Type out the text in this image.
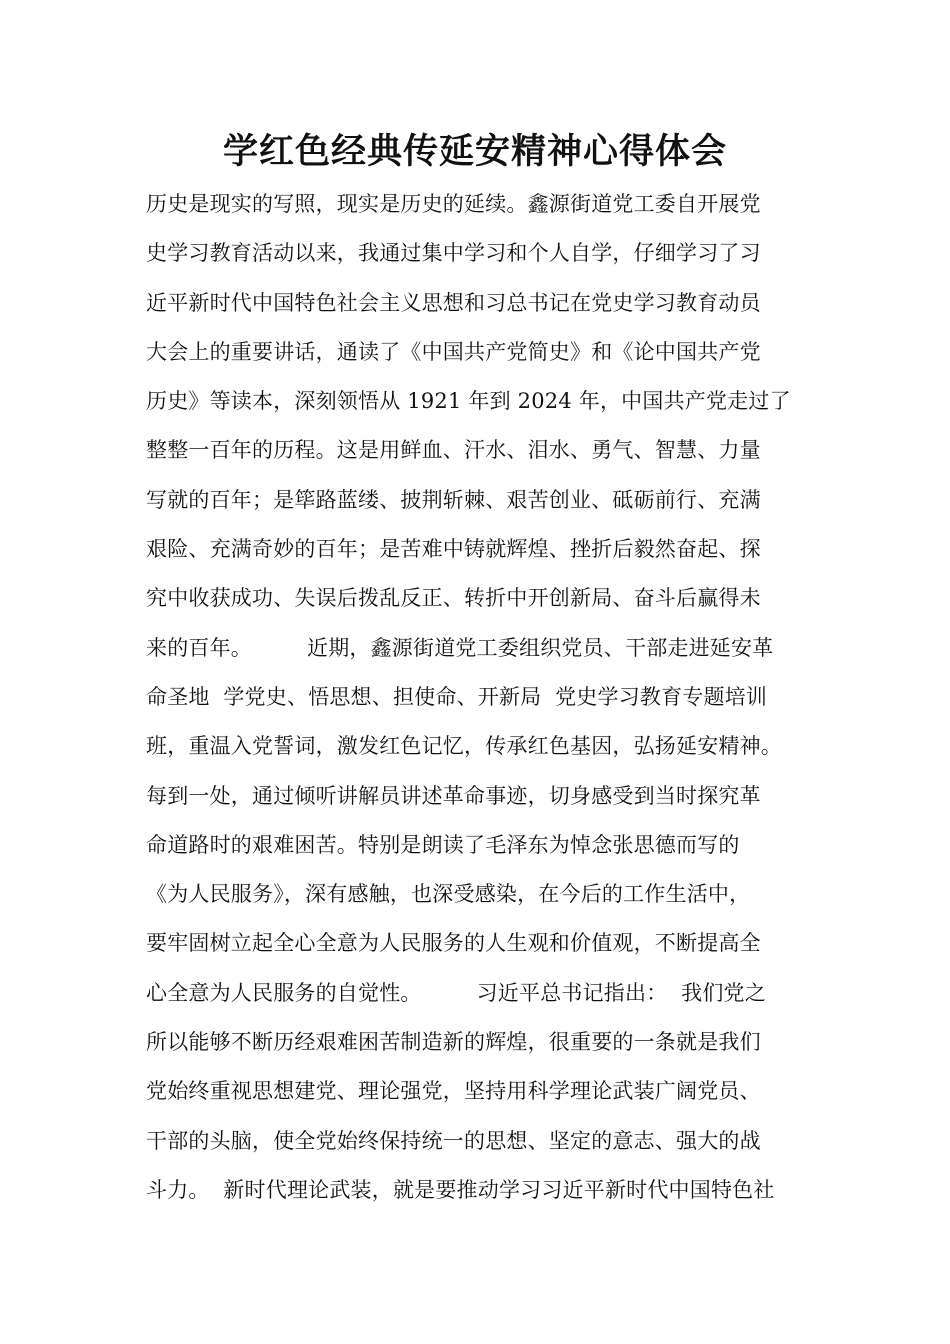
学红色经典传延安精神心得体会
历史是现实的写照，现实是历史的延续。鑫源街道党工委自开展党
史学习教育活动以来，我通过集中学习和个人自学，仔细学习了习
近平新时代中国特色社会主义思想和习总书记在党史学习教育动员
大会上的重要讲话，通读了《中国共产党简史》和《论中国共产党
历史》等读本，深刻领悟从 1921 年到 2024 年，中国共产党走过了
整整一百年的历程。这是用鲜血、汗水、泪水、勇气、智慧、力量
写就的百年；是筚路蓝缕、披荆斩棘、艰苦创业、砥砺前行、充满
艰险、充满奇妙的百年；是苦难中铸就辉煌、挫折后毅然奋起、探
究中收获成功、失误后拨乱反正、转折中开创新局、奋斗后赢得未
来的百年。        近期，鑫源街道党工委组织党员、干部走进延安革
命圣地  学党史、悟思想、担使命、开新局  党史学习教育专题培训
班，重温入党誓词，激发红色记忆，传承红色基因，弘扬延安精神。
每到一处，通过倾听讲解员讲述革命事迹，切身感受到当时探究革
命道路时的艰难困苦。特别是朗读了毛泽东为悼念张思德而写的
《为人民服务》，深有感触，也深受感染，在今后的工作生活中，
要牢固树立起全心全意为人民服务的人生观和价值观，不断提高全
心全意为人民服务的自觉性。        习近平总书记指出：  我们党之
所以能够不断历经艰难困苦制造新的辉煌，很重要的一条就是我们
党始终重视思想建党、理论强党，坚持用科学理论武装广阔党员、
干部的头脑，使全党始终保持统一的思想、坚定的意志、强大的战
斗力。  新时代理论武装，就是要推动学习习近平新时代中国特色社
